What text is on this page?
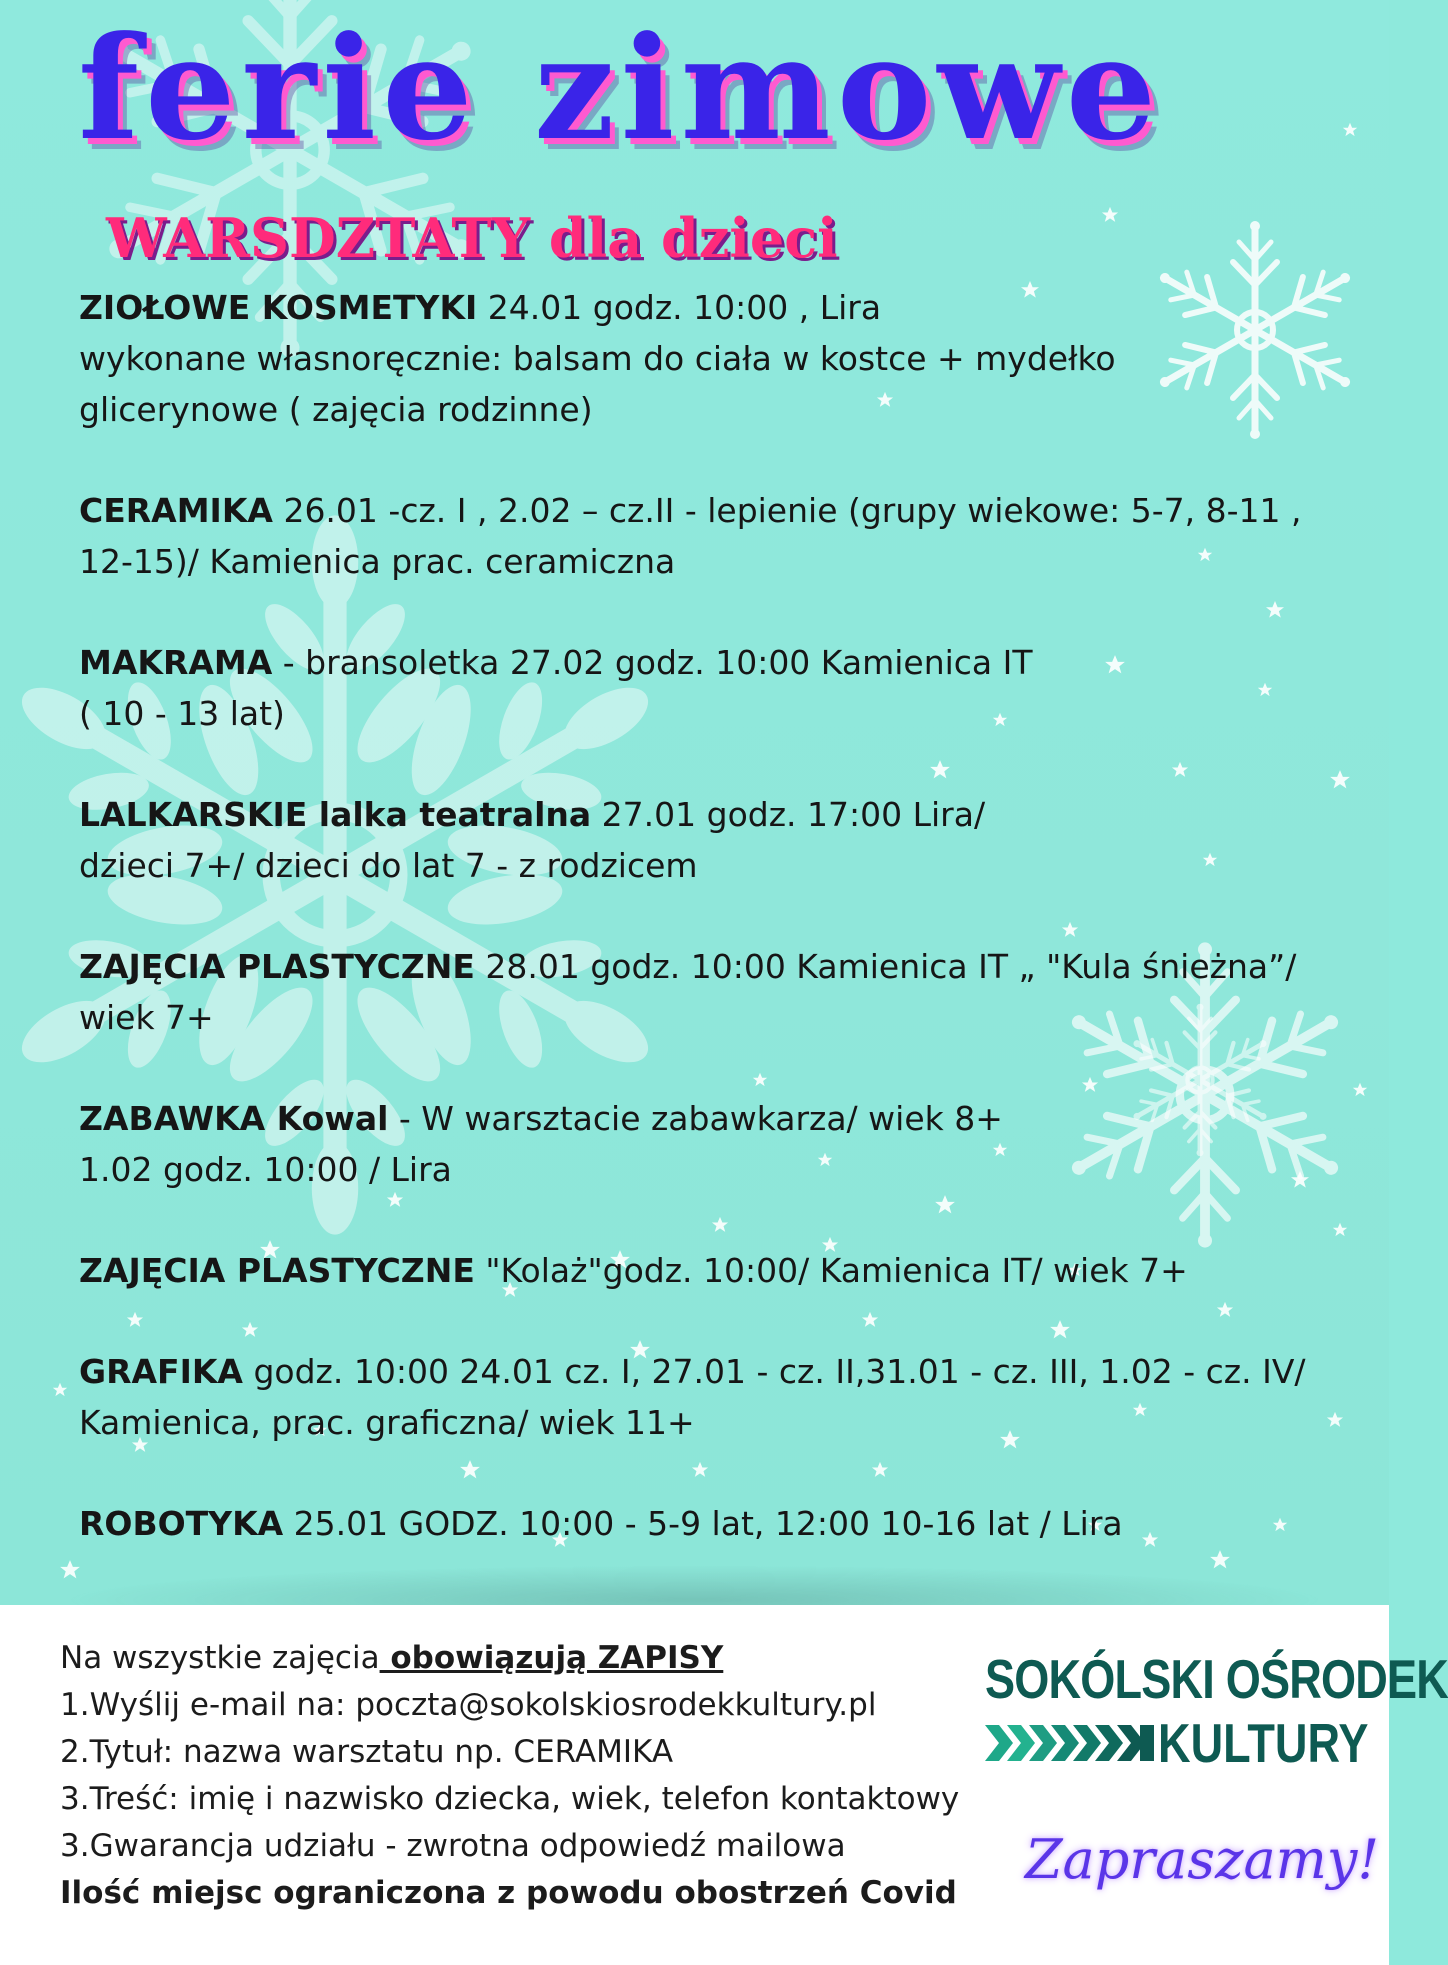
ferie zimowe
WARSDZTATY dla dzieci
ZIOŁOWE KOSMETYKI 24.01 godz. 10:00 , Lira
wykonane własnoręcznie: balsam do ciała w kostce + mydełko
glicerynowe ( zajęcia rodzinne)
CERAMIKA 26.01 -cz. I , 2.02 – cz.II - lepienie (grupy wiekowe: 5-7, 8-11 ,
12-15)/ Kamienica prac. ceramiczna
MAKRAMA - bransoletka 27.02 godz. 10:00 Kamienica IT
( 10 - 13 lat)
LALKARSKIE lalka teatralna 27.01 godz. 17:00 Lira/
dzieci 7+/ dzieci do lat 7 - z rodzicem
ZAJĘCIA PLASTYCZNE 28.01 godz. 10:00 Kamienica IT „ "Kula śnieżna”/
wiek 7+
ZABAWKA Kowal - W warsztacie zabawkarza/ wiek 8+
1.02 godz. 10:00 / Lira
ZAJĘCIA PLASTYCZNE "Kolaż"godz. 10:00/ Kamienica IT/ wiek 7+
GRAFIKA godz. 10:00 24.01 cz. I, 27.01 - cz. II,31.01 - cz. III, 1.02 - cz. IV/
Kamienica, prac. graficzna/ wiek 11+
ROBOTYKA 25.01 GODZ. 10:00 - 5-9 lat, 12:00 10-16 lat / Lira
Na wszystkie zajęcia obowiązują ZAPISY
1.Wyślij e-mail na: poczta@sokolskiosrodekkultury.pl
2.Tytuł: nazwa warsztatu np. CERAMIKA
3.Treść: imię i nazwisko dziecka, wiek, telefon kontaktowy
3.Gwarancja udziału - zwrotna odpowiedź mailowa
Ilość miejsc ograniczona z powodu obostrzeń Covid
SOKÓLSKI OŚRODEK
KULTURY
Zapraszamy!
